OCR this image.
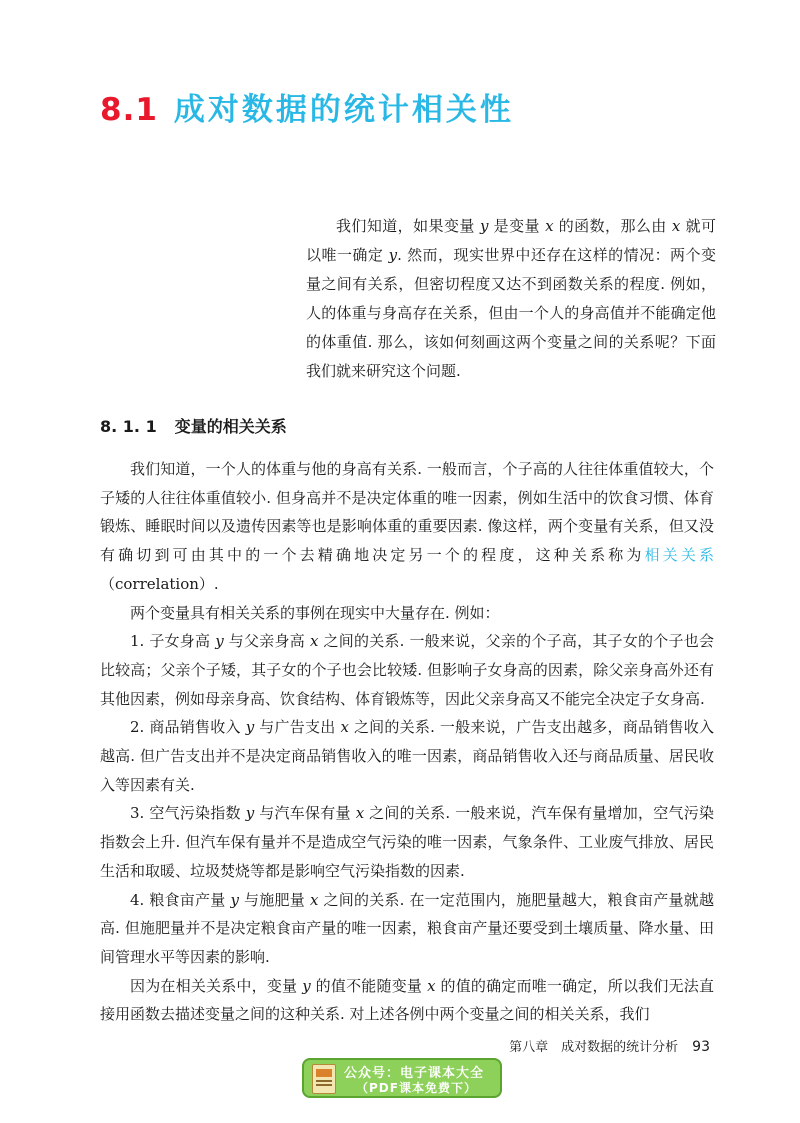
8.1 成对数据的统计相关性

我们知道，如果变量 y 是变量 x 的函数，那么由 x 就可以唯一确定 y. 然而，现实世界中还存在这样的情况：两个变量之间有关系，但密切程度又达不到函数关系的程度. 例如，人的体重与身高存在关系，但由一个人的身高值并不能确定他的体重值. 那么，该如何刻画这两个变量之间的关系呢？下面我们就来研究这个问题.

8. 1. 1 变量的相关关系

我们知道，一个人的体重与他的身高有关系. 一般而言，个子高的人往往体重值较大，个子矮的人往往体重值较小. 但身高并不是决定体重的唯一因素，例如生活中的饮食习惯、体育锻炼、睡眠时间以及遗传因素等也是影响体重的重要因素. 像这样，两个变量有关系，但又没有确切到可由其中的一个去精确地决定另一个的程度，这种关系称为相关关系（correlation）.

两个变量具有相关关系的事例在现实中大量存在. 例如：

1. 子女身高 y 与父亲身高 x 之间的关系. 一般来说，父亲的个子高，其子女的个子也会比较高；父亲个子矮，其子女的个子也会比较矮. 但影响子女身高的因素，除父亲身高外还有其他因素，例如母亲身高、饮食结构、体育锻炼等，因此父亲身高又不能完全决定子女身高.

2. 商品销售收入 y 与广告支出 x 之间的关系. 一般来说，广告支出越多，商品销售收入越高. 但广告支出并不是决定商品销售收入的唯一因素，商品销售收入还与商品质量、居民收入等因素有关.

3. 空气污染指数 y 与汽车保有量 x 之间的关系. 一般来说，汽车保有量增加，空气污染指数会上升. 但汽车保有量并不是造成空气污染的唯一因素，气象条件、工业废气排放、居民生活和取暖、垃圾焚烧等都是影响空气污染指数的因素.

4. 粮食亩产量 y 与施肥量 x 之间的关系. 在一定范围内，施肥量越大，粮食亩产量就越高. 但施肥量并不是决定粮食亩产量的唯一因素，粮食亩产量还要受到土壤质量、降水量、田间管理水平等因素的影响.

因为在相关关系中，变量 y 的值不能随变量 x 的值的确定而唯一确定，所以我们无法直接用函数去描述变量之间的这种关系. 对上述各例中两个变量之间的相关关系，我们

第八章　成对数据的统计分析 93
公众号：电子课本大全
（PDF课本免费下）
